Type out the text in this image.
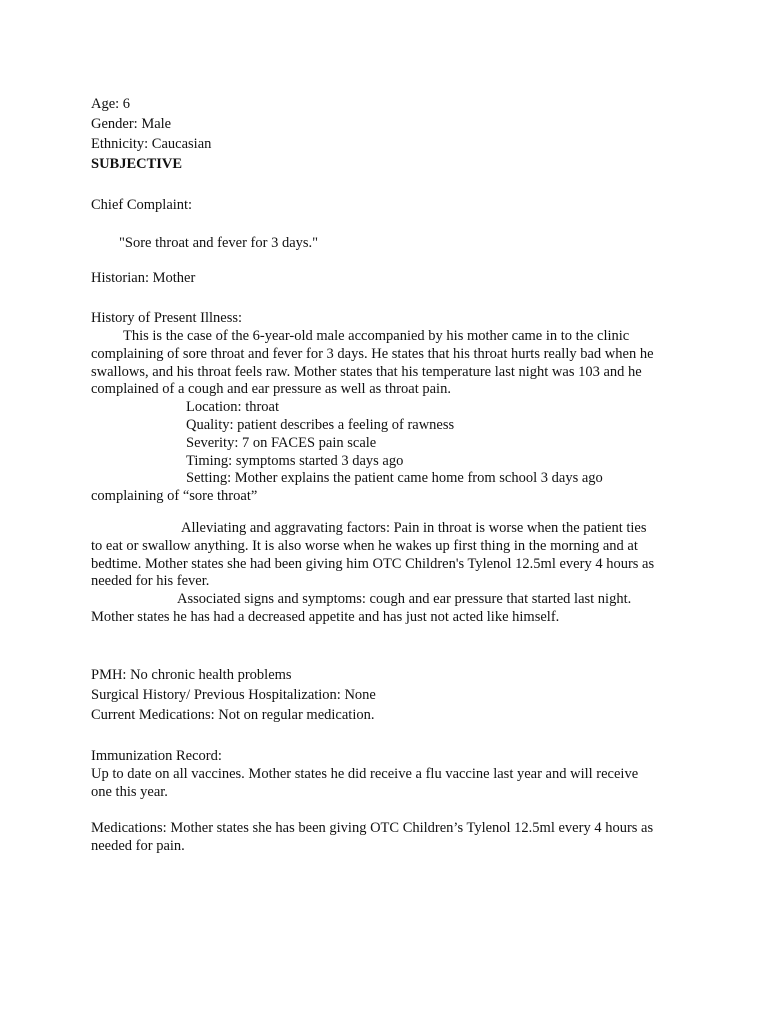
Age: 6
Gender: Male
Ethnicity: Caucasian
SUBJECTIVE
Chief Complaint:
"Sore throat and fever for 3 days."
Historian: Mother
History of Present Illness:
This is the case of the 6-year-old male accompanied by his mother came in to the clinic
complaining of sore throat and fever for 3 days. He states that his throat hurts really bad when he
swallows, and his throat feels raw. Mother states that his temperature last night was 103 and he
complained of a cough and ear pressure as well as throat pain.
Location: throat
Quality: patient describes a feeling of rawness
Severity: 7 on FACES pain scale
Timing: symptoms started 3 days ago
Setting: Mother explains the patient came home from school 3 days ago
complaining of “sore throat”
Alleviating and aggravating factors: Pain in throat is worse when the patient ties
to eat or swallow anything. It is also worse when he wakes up first thing in the morning and at
bedtime. Mother states she had been giving him OTC Children's Tylenol 12.5ml every 4 hours as
needed for his fever.
Associated signs and symptoms: cough and ear pressure that started last night.
Mother states he has had a decreased appetite and has just not acted like himself.
PMH: No chronic health problems
Surgical History/ Previous Hospitalization: None
Current Medications: Not on regular medication.
Immunization Record:
Up to date on all vaccines. Mother states he did receive a flu vaccine last year and will receive
one this year.
Medications: Mother states she has been giving OTC Children’s Tylenol 12.5ml every 4 hours as
needed for pain.
